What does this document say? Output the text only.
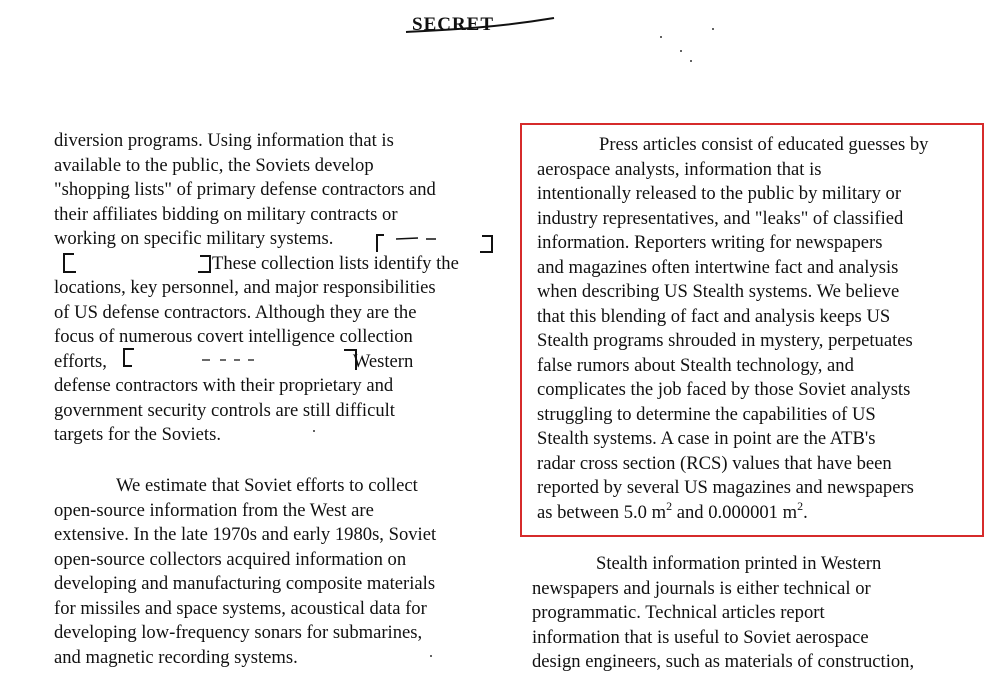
SECRET

diversion programs. Using information that is

available to the public, the Soviets develop

"shopping lists" of primary defense contractors and

their affiliates bidding on military contracts or

working on specific military systems.

These collection lists identify the

locations, key personnel, and major responsibilities

of US defense contractors. Although they are the

focus of numerous covert intelligence collection

efforts,	Western

defense contractors with their proprietary and

government security controls are still difficult

targets for the Soviets.

We estimate that Soviet efforts to collect

open-source information from the West are

extensive. In the late 1970s and early 1980s, Soviet

open-source collectors acquired information on

developing and manufacturing composite materials

for missiles and space systems, acoustical data for

developing low-frequency sonars for submarines,

and magnetic recording systems.

Press articles consist of educated guesses by

aerospace analysts, information that is

intentionally released to the public by military or

industry representatives, and "leaks" of classified

information. Reporters writing for newspapers

and magazines often intertwine fact and analysis

when describing US Stealth systems. We believe

that this blending of fact and analysis keeps US

Stealth programs shrouded in mystery, perpetuates

false rumors about Stealth technology, and

complicates the job faced by those Soviet analysts

struggling to determine the capabilities of US

Stealth systems. A case in point are the ATB's

radar cross section (RCS) values that have been

reported by several US magazines and newspapers

as between 5.0 $m^2$ and 0.000001 $m^2$.

Stealth information printed in Western

newspapers and journals is either technical or

programmatic. Technical articles report

information that is useful to Soviet aerospace

design engineers, such as materials of construction,
